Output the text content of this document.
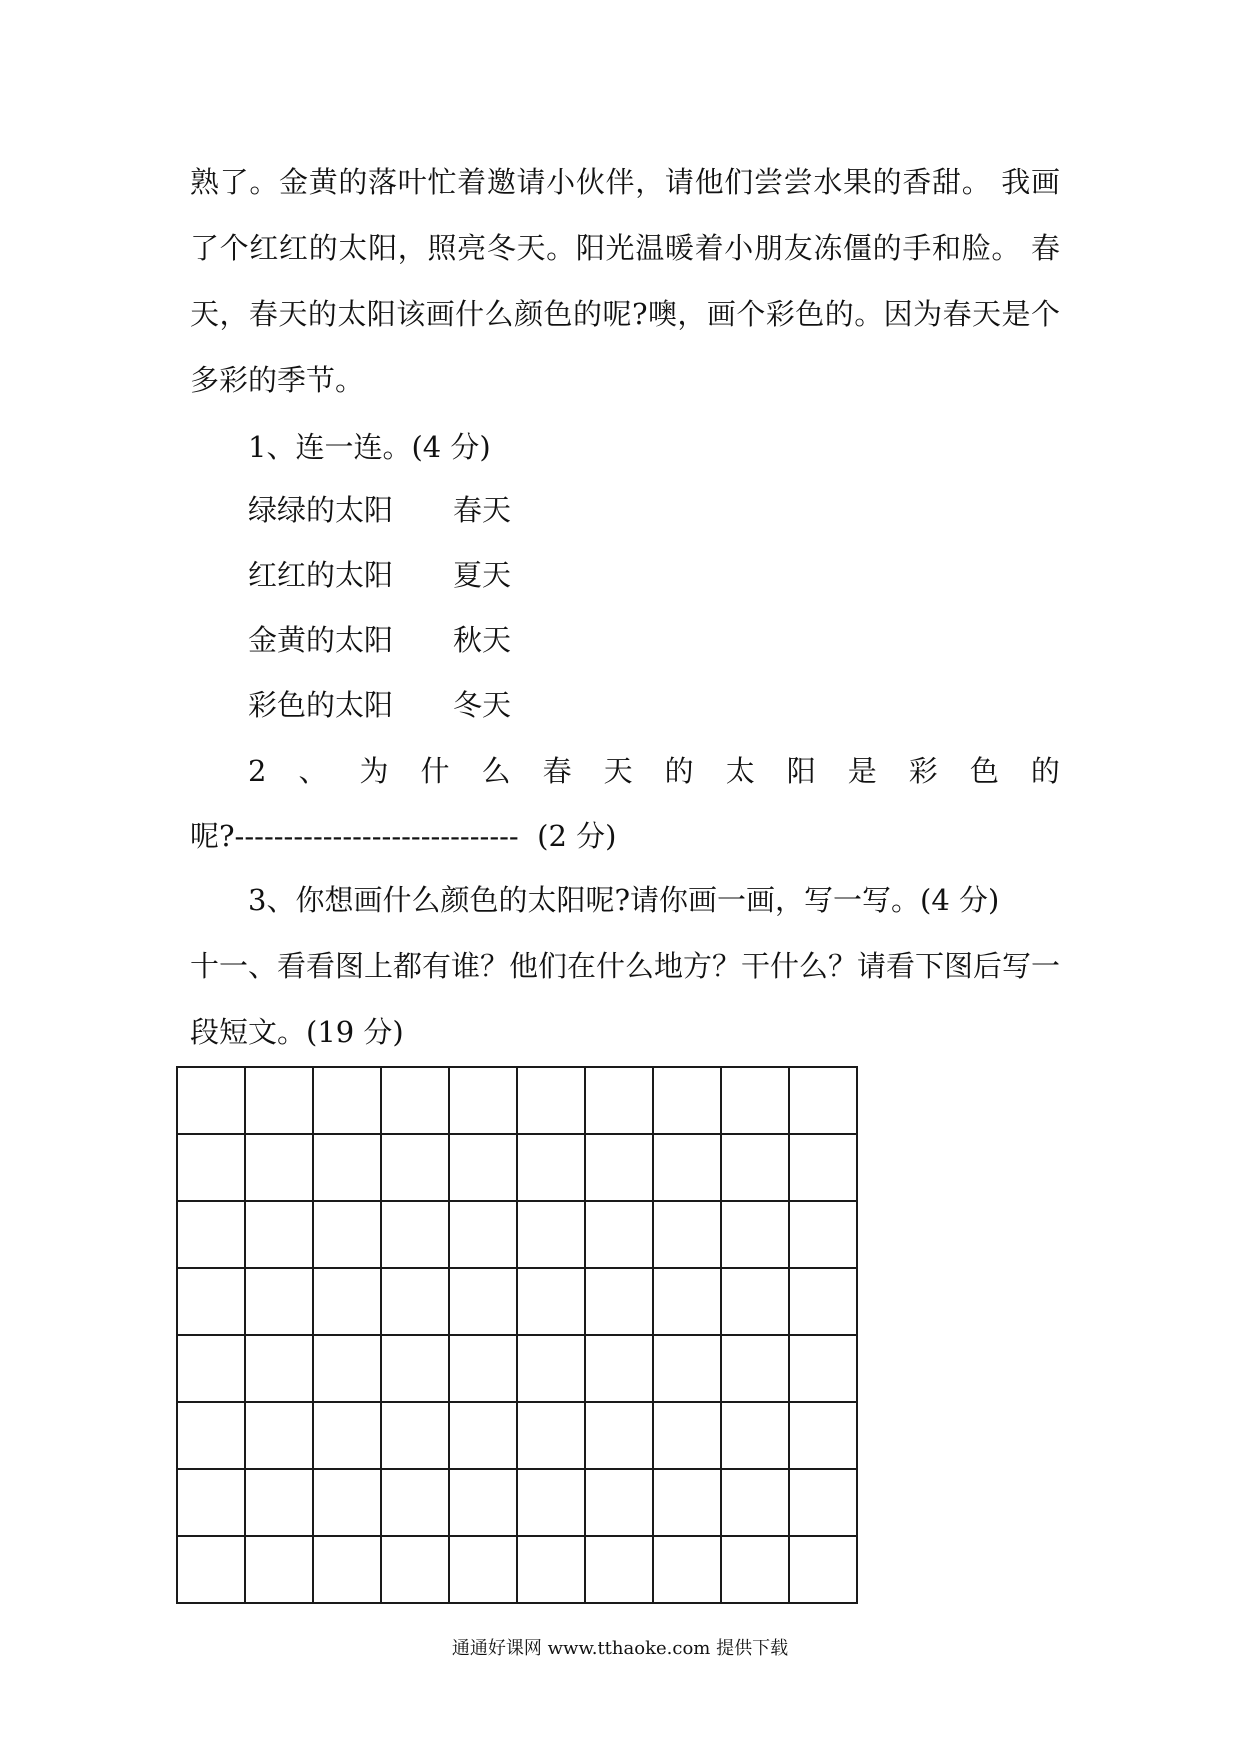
熟了。金黄的落叶忙着邀请小伙伴，请他们尝尝水果的香甜。 我画了个红红的太阳，照亮冬天。阳光温暖着小朋友冻僵的手和脸。 春天，春天的太阳该画什么颜色的呢?噢，画个彩色的。因为春天是个多彩的季节。

1、连一连。(4 分)

绿绿的太阳 春天

红红的太阳 夏天

金黄的太阳 秋天

彩色的太阳 冬天

2 、 为 什 么 春 天 的 太 阳 是 彩 色 的

呢?-----------------------------  (2 分)

3、你想画什么颜色的太阳呢?请你画一画，写一写。(4 分)

十一、看看图上都有谁？他们在什么地方？干什么？请看下图后写一段短文。(19 分)

通通好课网 www.tthaoke.com 提供下载
